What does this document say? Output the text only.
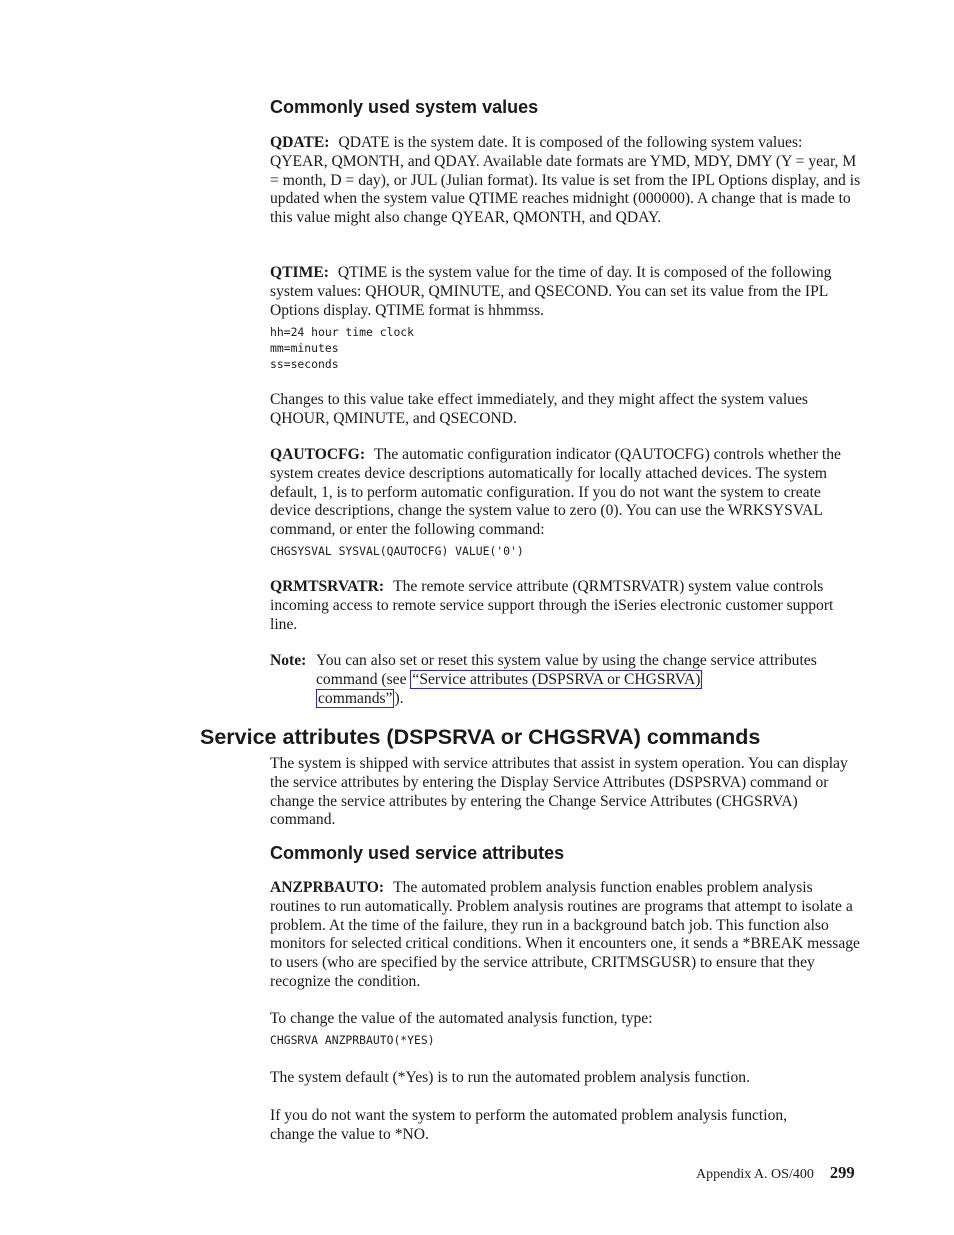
Commonly used system values

QDATE: QDATE is the system date. It is composed of the following system values: QYEAR, QMONTH, and QDAY. Available date formats are YMD, MDY, DMY (Y = year, M = month, D = day), or JUL (Julian format). Its value is set from the IPL Options display, and is updated when the system value QTIME reaches midnight (000000). A change that is made to this value might also change QYEAR, QMONTH, and QDAY.

QTIME: QTIME is the system value for the time of day. It is composed of the following system values: QHOUR, QMINUTE, and QSECOND. You can set its value from the IPL Options display. QTIME format is hhmmss.

hh=24 hour time clock
mm=minutes
ss=seconds

Changes to this value take effect immediately, and they might affect the system values QHOUR, QMINUTE, and QSECOND.

QAUTOCFG: The automatic configuration indicator (QAUTOCFG) controls whether the system creates device descriptions automatically for locally attached devices. The system default, 1, is to perform automatic configuration. If you do not want the system to create device descriptions, change the system value to zero (0). You can use the WRKSYSVAL command, or enter the following command:

CHGSYSVAL SYSVAL(QAUTOCFG) VALUE('0')

QRMTSRVATR: The remote service attribute (QRMTSRVATR) system value controls incoming access to remote service support through the iSeries electronic customer support line.

Note: You can also set or reset this system value by using the change service attributes command (see “Service attributes (DSPSRVA or CHGSRVA)
commands” ).

Service attributes (DSPSRVA or CHGSRVA) commands

The system is shipped with service attributes that assist in system operation. You can display the service attributes by entering the Display Service Attributes (DSPSRVA) command or change the service attributes by entering the Change Service Attributes (CHGSRVA) command.

Commonly used service attributes

ANZPRBAUTO: The automated problem analysis function enables problem analysis routines to run automatically. Problem analysis routines are programs that attempt to isolate a problem. At the time of the failure, they run in a background batch job. This function also monitors for selected critical conditions. When it encounters one, it sends a *BREAK message to users (who are specified by the service attribute, CRITMSGUSR) to ensure that they recognize the condition.

To change the value of the automated analysis function, type:

CHGSRVA ANZPRBAUTO(*YES)

The system default (*Yes) is to run the automated problem analysis function.

If you do not want the system to perform the automated problem analysis function, change the value to *NO.

Appendix A. OS/400 299
